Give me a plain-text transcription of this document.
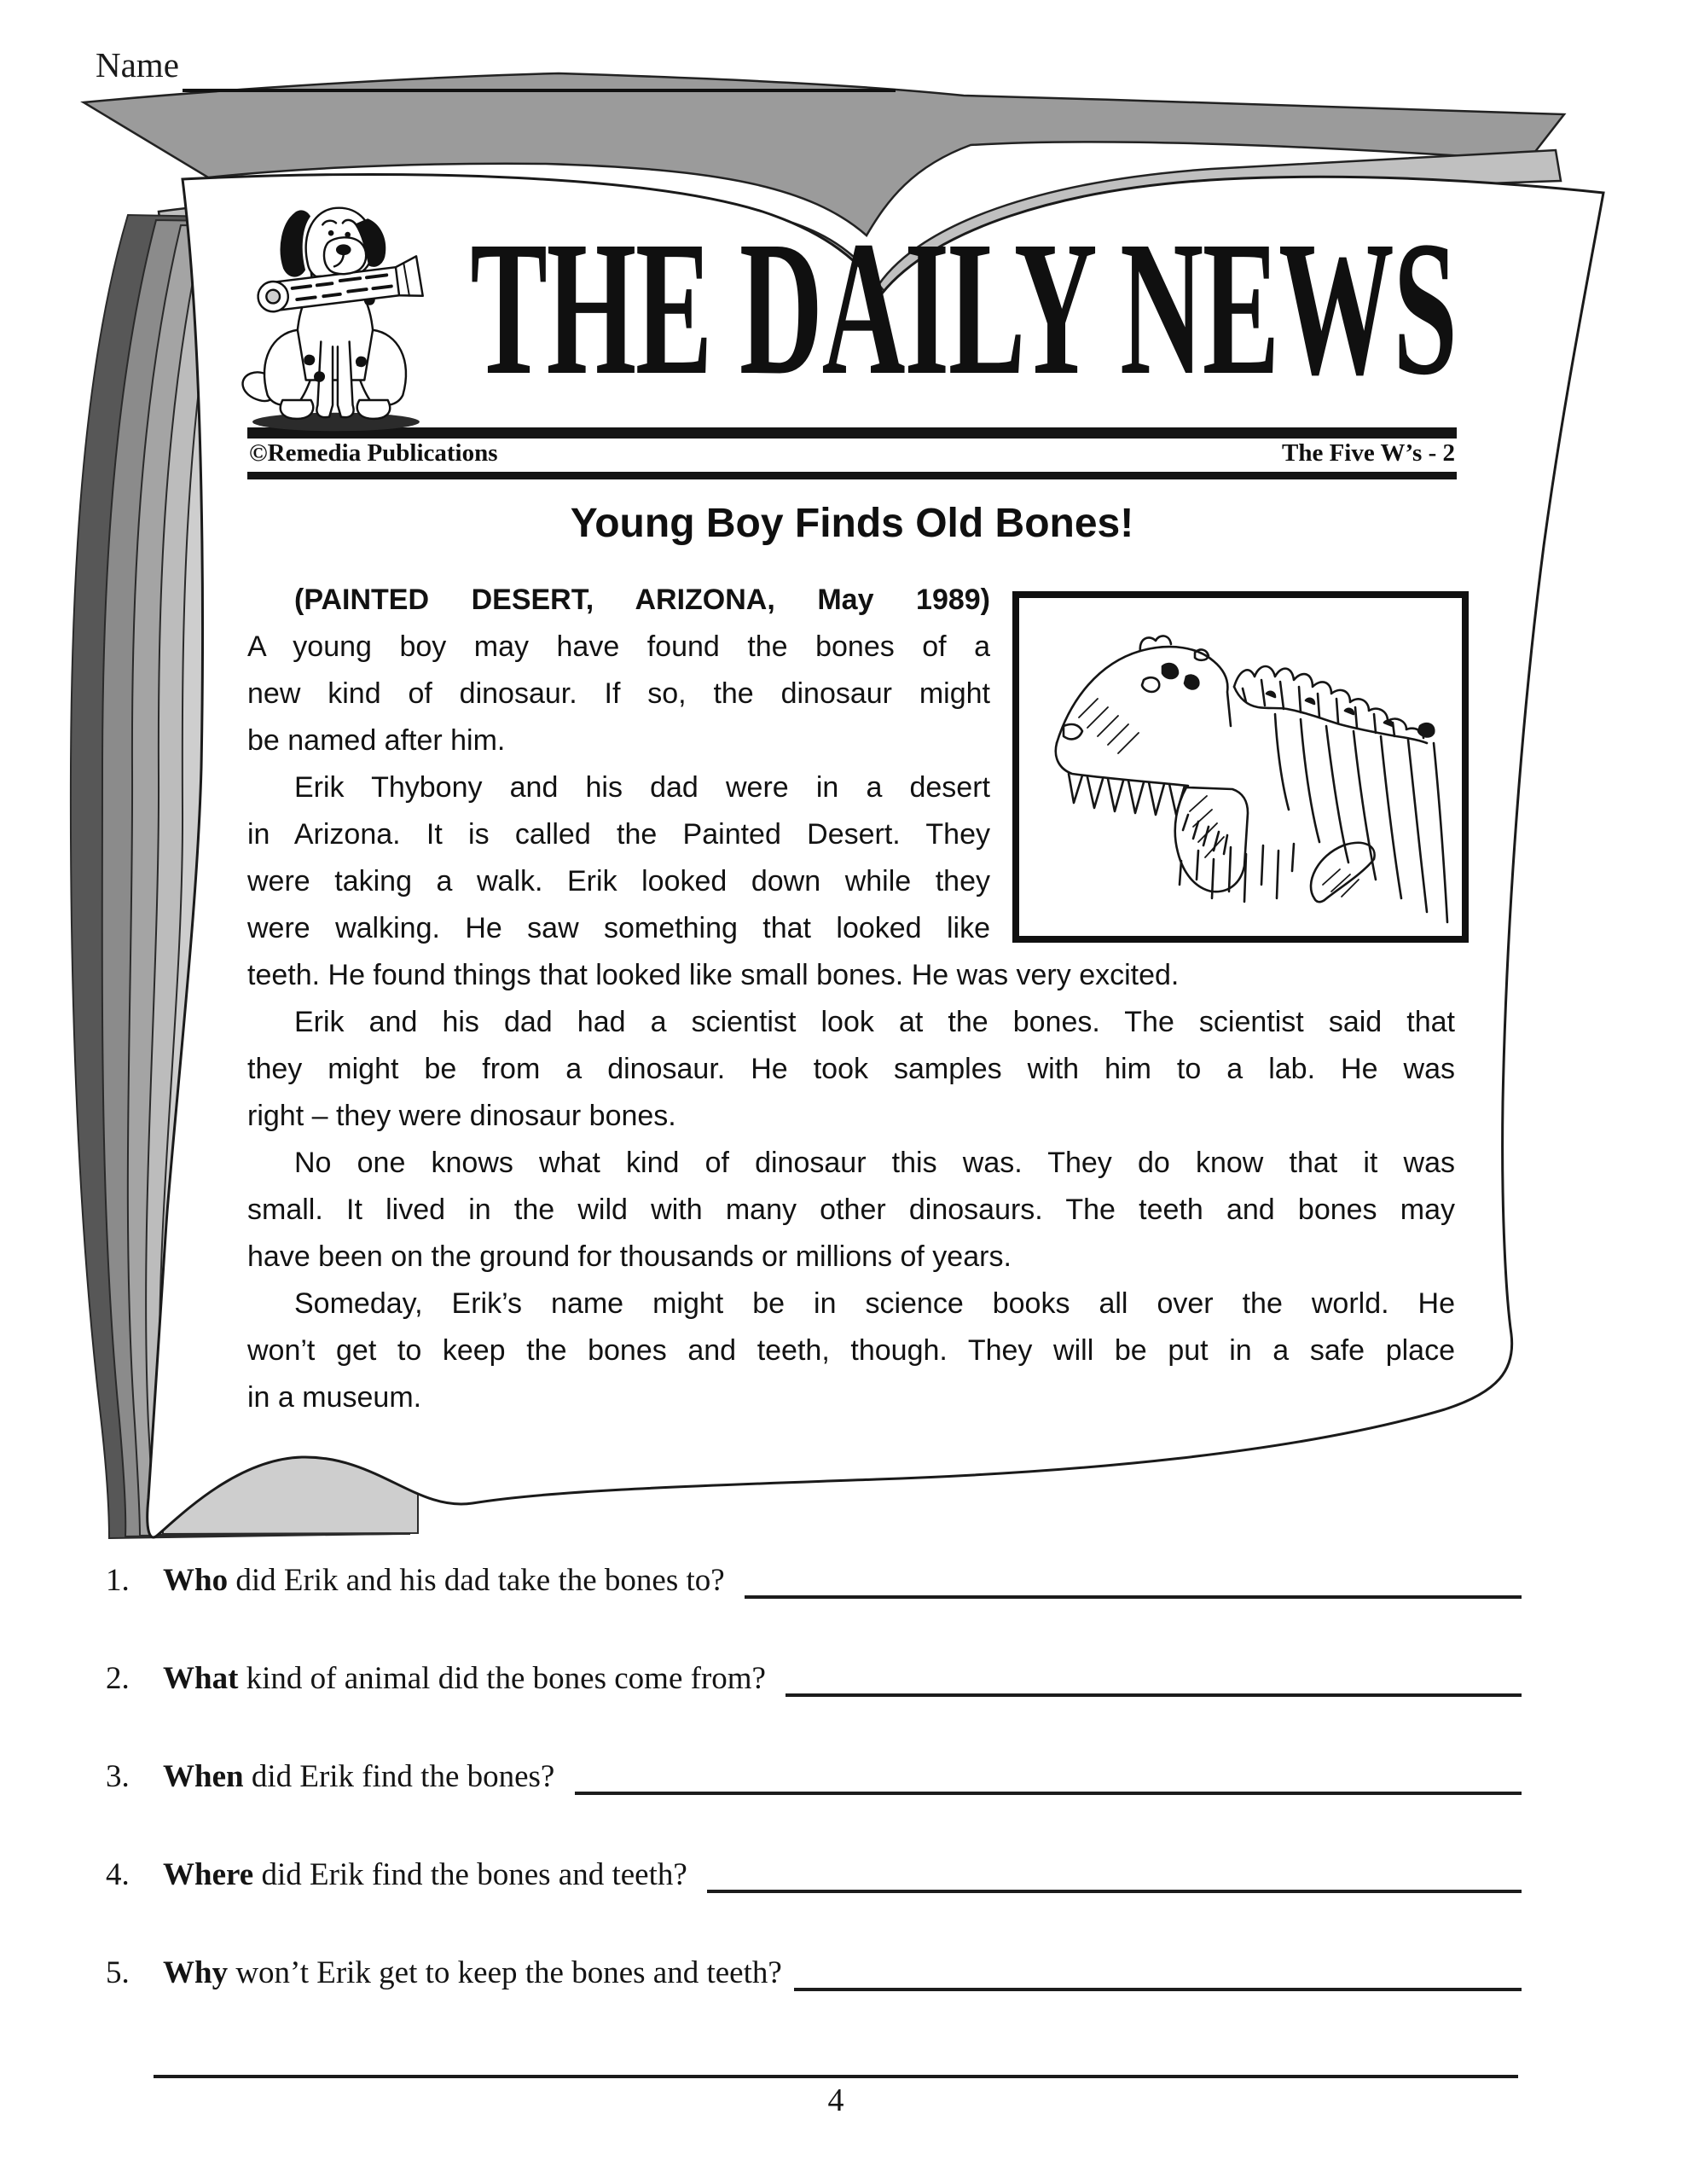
Name
THE DAILY NEWS
©Remedia Publications	The Five W’s - 2
Young Boy Finds Old Bones!
(PAINTED DESERT, ARIZONA, May 1989)
A young boy may have found the bones of a
new kind of dinosaur. If so, the dinosaur might
be named after him.
Erik Thybony and his dad were in a desert
in Arizona. It is called the Painted Desert. They
were taking a walk. Erik looked down while they
were walking. He saw something that looked like
teeth. He found things that looked like small bones. He was very excited.
Erik and his dad had a scientist look at the bones. The scientist said that
they might be from a dinosaur. He took samples with him to a lab. He was
right – they were dinosaur bones.
No one knows what kind of dinosaur this was. They do know that it was
small. It lived in the wild with many other dinosaurs. The teeth and bones may
have been on the ground for thousands or millions of years.
Someday, Erik’s name might be in science books all over the world. He
won’t get to keep the bones and teeth, though. They will be put in a safe place
in a museum.
1.	Who did Erik and his dad take the bones to?
2.	What kind of animal did the bones come from?
3.	When did Erik find the bones?
4.	Where did Erik find the bones and teeth?
5.	Why won’t Erik get to keep the bones and teeth?
4
